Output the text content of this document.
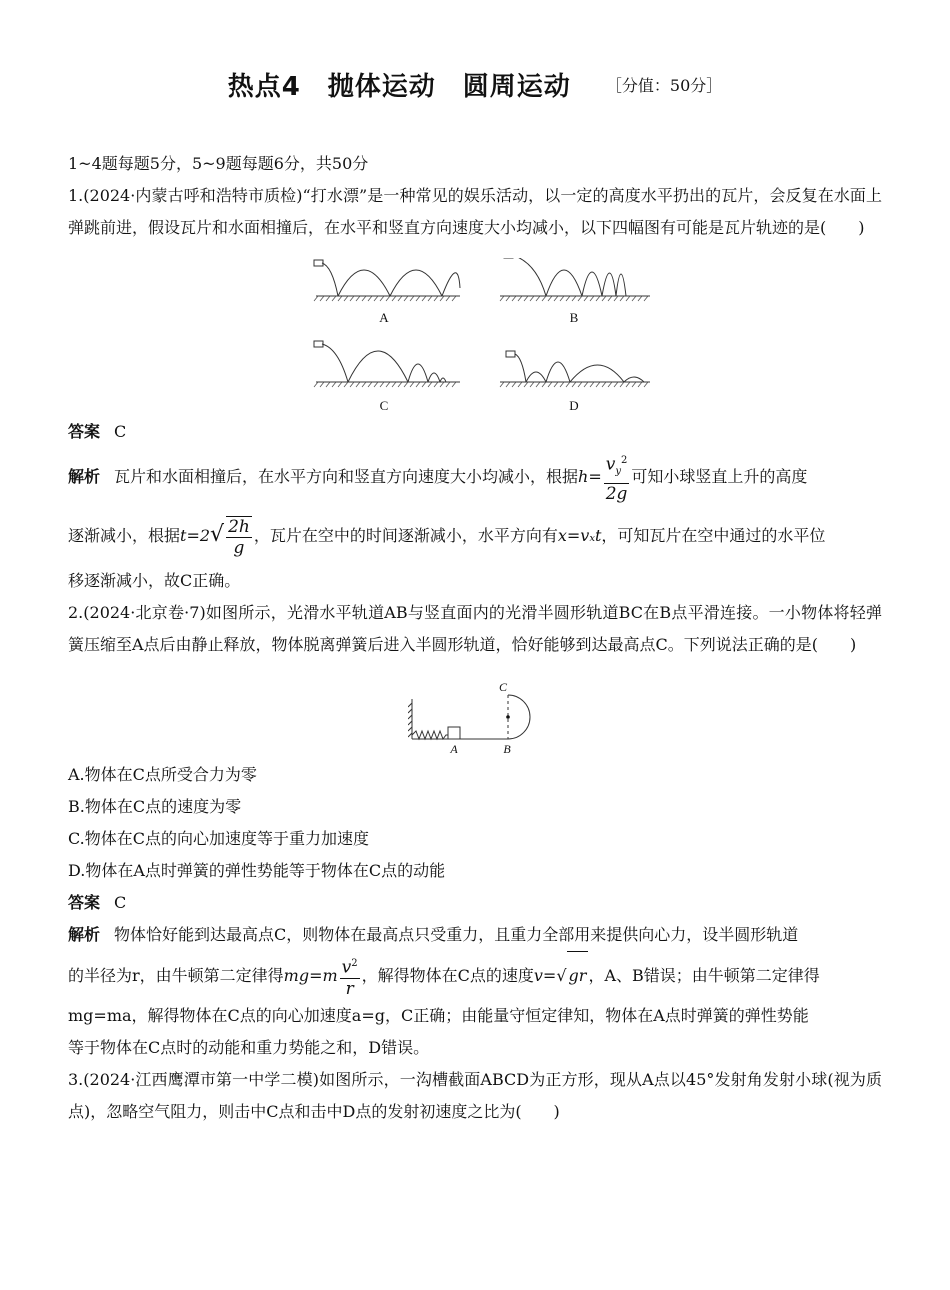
热点4　抛体运动　圆周运动 ［分值：50分］

1~4题每题5分，5~9题每题6分，共50分

1.(2024·内蒙古呼和浩特市质检)“打水漂”是一种常见的娱乐活动，以一定的高度水平扔出的瓦片，会反复在水面上弹跳前进，假设瓦片和水面相撞后，在水平和竖直方向速度大小均减小，以下四幅图有可能是瓦片轨迹的是(　　)

A	B
C	D

答案 C

解析 瓦片和水面相撞后，在水平方向和竖直方向速度大小均减小，根据$h= \frac{v_y^2}{2g}$ 可知小球竖直上升的高度

逐渐减小，根据$t=2√ \frac{2h}{g}$ ，瓦片在空中的时间逐渐减小，水平方向有x=vₓt，可知瓦片在空中通过的水平位

移逐渐减小，故C正确。

2.(2024·北京卷·7)如图所示，光滑水平轨道AB与竖直面内的光滑半圆形轨道BC在B点平滑连接。一小物体将轻弹簧压缩至A点后由静止释放，物体脱离弹簧后进入半圆形轨道，恰好能够到达最高点C。下列说法正确的是(　　)

C
A	B

A.物体在C点所受合力为零

B.物体在C点的速度为零

C.物体在C点的向心加速度等于重力加速度

D.物体在A点时弹簧的弹性势能等于物体在C点的动能

答案 C

解析 物体恰好能到达最高点C，则物体在最高点只受重力，且重力全部用来提供向心力，设半圆形轨道

的半径为r，由牛顿第二定律得$mg=m \frac{v^2}{r}$ ，解得物体在C点的速度v=√ gr ，A、B错误；由牛顿第二定律得

mg=ma，解得物体在C点的向心加速度a=g，C正确；由能量守恒定律知，物体在A点时弹簧的弹性势能

等于物体在C点时的动能和重力势能之和，D错误。

3.(2024·江西鹰潭市第一中学二模)如图所示，一沟槽截面ABCD为正方形，现从A点以45°发射角发射小球(视为质点)，忽略空气阻力，则击中C点和击中D点的发射初速度之比为(　　)
